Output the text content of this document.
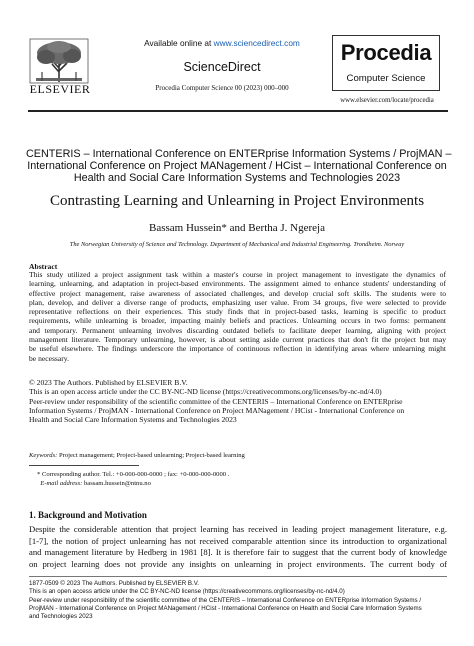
ELSEVIER
Available online at www.sciencedirect.com
ScienceDirect
Procedia Computer Science 00 (2023) 000–000
Procedia
Computer Science
www.elsevier.com/locate/procedia
CENTERIS – International Conference on ENTERprise Information Systems / ProjMAN –
International Conference on Project MANagement / HCist – International Conference on
Health and Social Care Information Systems and Technologies 2023
Contrasting Learning and Unlearning in Project Environments
Bassam Hussein* and Bertha J. Ngereja
The Norwegian University of Science and Technology. Department of Mechanical and Industrial Engineering. Trondheim. Norway
Abstract
This study utilized a project assignment task within a master's course in project management to investigate the dynamics of
learning, unlearning, and adaptation in project-based environments. The assignment aimed to enhance students' understanding of
effective project management, raise awareness of associated challenges, and develop crucial soft skills. The students were to
plan, develop, and deliver a diverse range of products, emphasizing user value. From 34 groups, five were selected to provide
representative reflections on their experiences. This study finds that in project-based tasks, learning is specific to product
requirements, while unlearning is broader, impacting mainly beliefs and practices. Unlearning occurs in two forms: permanent
and temporary. Permanent unlearning involves discarding outdated beliefs to facilitate deeper learning, aligning with project
management literature. Temporary unlearning, however, is about setting aside current practices that don't fit the project but may
be useful elsewhere. The findings underscore the importance of continuous reflection in identifying areas where unlearning might
be necessary.
© 2023 The Authors. Published by ELSEVIER B.V.
This is an open access article under the CC BY-NC-ND license (https://creativecommons.org/licenses/by-nc-nd/4.0)
Peer-review under responsibility of the scientific committee of the CENTERIS – International Conference on ENTERprise
Information Systems / ProjMAN - International Conference on Project MANagement / HCist - International Conference on
Health and Social Care Information Systems and Technologies 2023
Keywords: Project management; Project-based unlearning; Project-based learning
* Corresponding author. Tel.: +0-000-000-0000 ; fax: +0-000-000-0000 .
E-mail address: bassam.hussein@ntnu.no
1. Background and Motivation
Despite the considerable attention that project learning has received in leading project management literature, e.g.
[1-7], the notion of project unlearning has not received comparable attention since its introduction to organizational
and management literature by Hedberg in 1981 [8]. It is therefore fair to suggest that the current body of knowledge
on project learning does not provide any insights on unlearning in project environments. The current body of
1877-0509 © 2023 The Authors. Published by ELSEVIER B.V.
This is an open access article under the CC BY-NC-ND license (https://creativecommons.org/licenses/by-nc-nd/4.0)
Peer-review under responsibility of the scientific committee of the CENTERIS – International Conference on ENTERprise Information Systems /
ProjMAN - International Conference on Project MANagement / HCist - International Conference on Health and Social Care Information Systems
and Technologies 2023
